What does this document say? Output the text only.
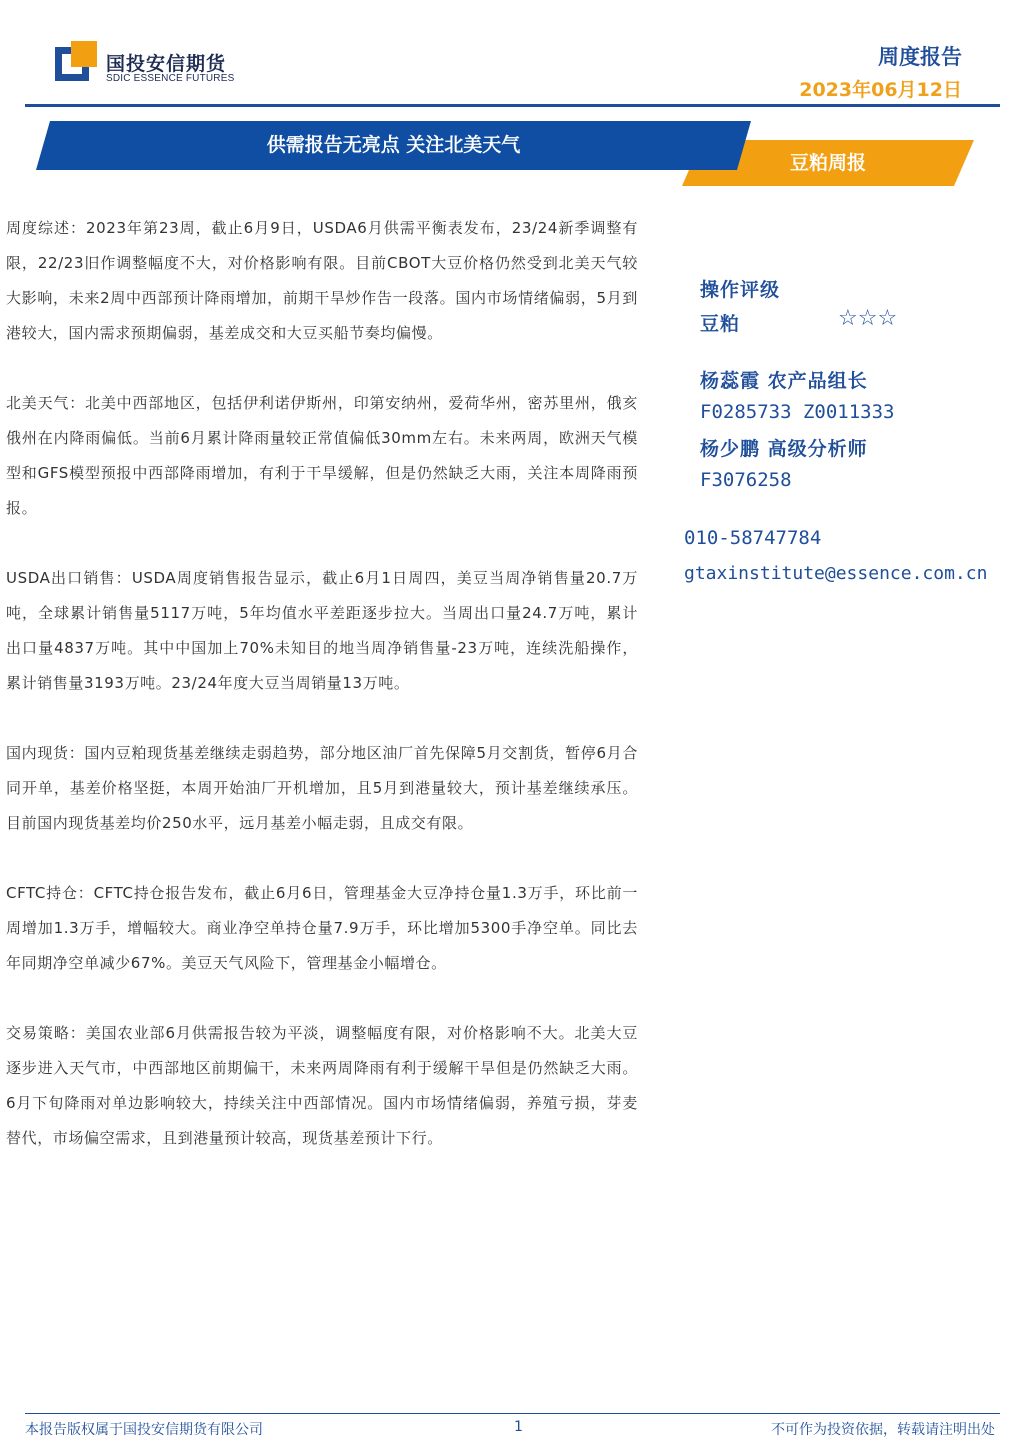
国投安信期货
SDIC ESSENCE FUTURES
周度报告
2023年06月12日
豆粕周报
供需报告无亮点 关注北美天气

周度综述：2023年第23周，截止6月9日，USDA6月供需平衡表发布，23/24新季调整有限，22/23旧作调整幅度不大，对价格影响有限。目前CBOT大豆价格仍然受到北美天气较大影响，未来2周中西部预计降雨增加，前期干旱炒作告一段落。国内市场情绪偏弱，5月到港较大，国内需求预期偏弱，基差成交和大豆买船节奏均偏慢。

北美天气：北美中西部地区，包括伊利诺伊斯州，印第安纳州，爱荷华州，密苏里州，俄亥俄州在内降雨偏低。当前6月累计降雨量较正常值偏低30mm左右。未来两周，欧洲天气模型和GFS模型预报中西部降雨增加，有利于干旱缓解，但是仍然缺乏大雨，关注本周降雨预报。

USDA出口销售：USDA周度销售报告显示，截止6月1日周四，美豆当周净销售量20.7万吨，全球累计销售量5117万吨，5年均值水平差距逐步拉大。当周出口量24.7万吨，累计出口量4837万吨。其中中国加上70%未知目的地当周净销售量-23万吨，连续洗船操作，累计销售量3193万吨。23/24年度大豆当周销量13万吨。

国内现货：国内豆粕现货基差继续走弱趋势，部分地区油厂首先保障5月交割货，暂停6月合同开单，基差价格坚挺，本周开始油厂开机增加，且5月到港量较大，预计基差继续承压。目前国内现货基差均价250水平，远月基差小幅走弱，且成交有限。

CFTC持仓：CFTC持仓报告发布，截止6月6日，管理基金大豆净持仓量1.3万手，环比前一周增加1.3万手，增幅较大。商业净空单持仓量7.9万手，环比增加5300手净空单。同比去年同期净空单减少67%。美豆天气风险下，管理基金小幅增仓。

交易策略：美国农业部6月供需报告较为平淡，调整幅度有限，对价格影响不大。北美大豆逐步进入天气市，中西部地区前期偏干，未来两周降雨有利于缓解干旱但是仍然缺乏大雨。6月下旬降雨对单边影响较大，持续关注中西部情况。国内市场情绪偏弱，养殖亏损，芽麦替代，市场偏空需求，且到港量预计较高，现货基差预计下行。

操作评级
豆粕	☆☆☆
杨蕊霞 农产品组长
F0285733 Z0011333
杨少鹏 高级分析师
F3076258
010-58747784
gtaxinstitute@essence.com.cn
本报告版权属于国投安信期货有限公司	1	不可作为投资依据，转载请注明出处
